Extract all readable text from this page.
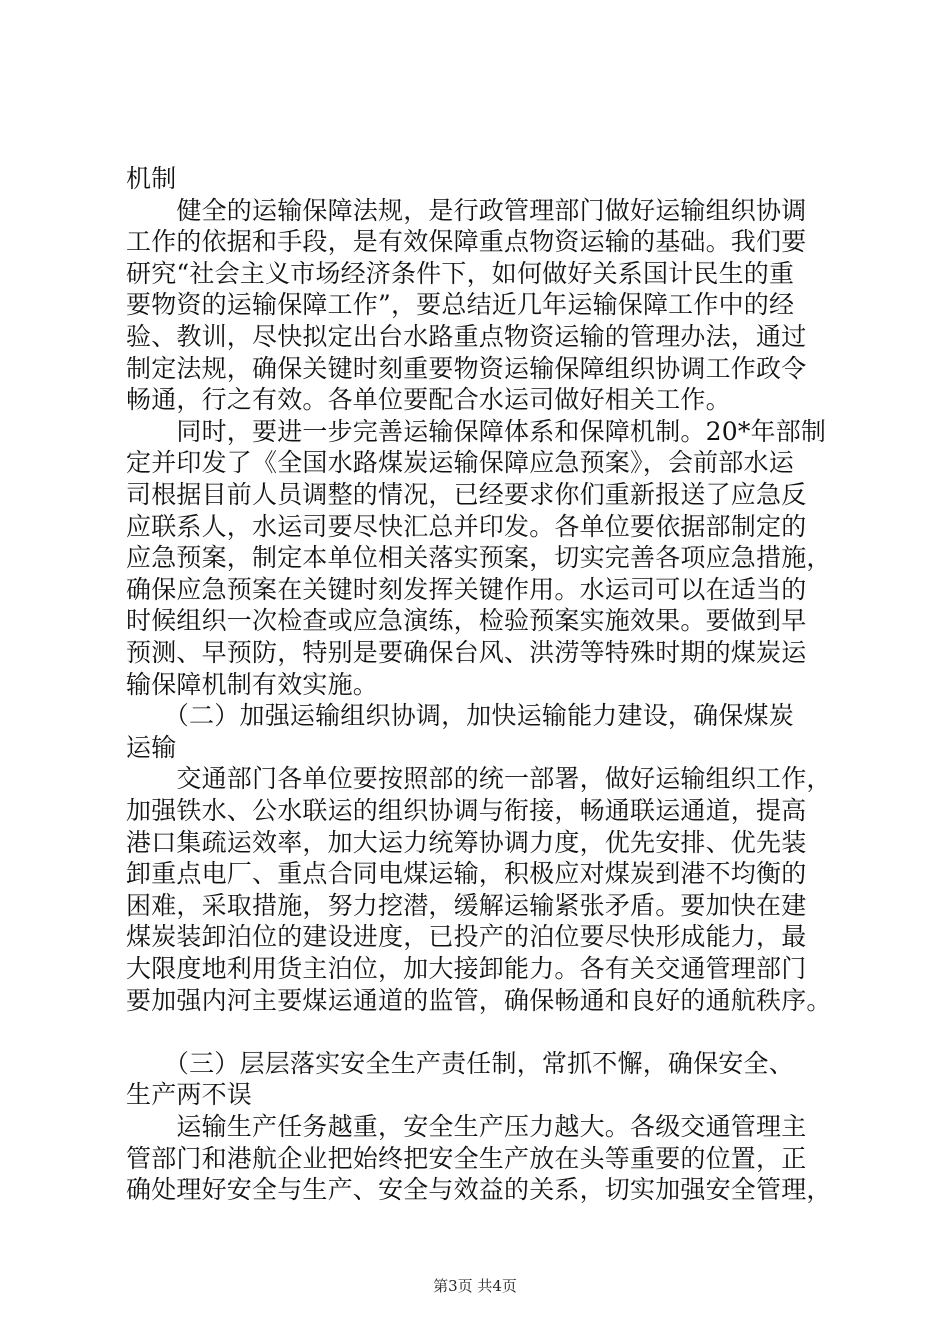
机制

　　健全的运输保障法规，是行政管理部门做好运输组织协调

工作的依据和手段，是有效保障重点物资运输的基础。我们要

研究“社会主义市场经济条件下，如何做好关系国计民生的重

要物资的运输保障工作”，要总结近几年运输保障工作中的经

验、教训，尽快拟定出台水路重点物资运输的管理办法，通过

制定法规，确保关键时刻重要物资运输保障组织协调工作政令

畅通，行之有效。各单位要配合水运司做好相关工作。

　　同时，要进一步完善运输保障体系和保障机制。20*年部制

定并印发了《全国水路煤炭运输保障应急预案》，会前部水运

司根据目前人员调整的情况，已经要求你们重新报送了应急反

应联系人，水运司要尽快汇总并印发。各单位要依据部制定的

应急预案，制定本单位相关落实预案，切实完善各项应急措施，

确保应急预案在关键时刻发挥关键作用。水运司可以在适当的

时候组织一次检查或应急演练，检验预案实施效果。要做到早

预测、早预防，特别是要确保台风、洪涝等特殊时期的煤炭运

输保障机制有效实施。

　　（二）加强运输组织协调，加快运输能力建设，确保煤炭

运输

　　交通部门各单位要按照部的统一部署，做好运输组织工作，

加强铁水、公水联运的组织协调与衔接，畅通联运通道，提高

港口集疏运效率，加大运力统筹协调力度，优先安排、优先装

卸重点电厂、重点合同电煤运输，积极应对煤炭到港不均衡的

困难，采取措施，努力挖潜，缓解运输紧张矛盾。要加快在建

煤炭装卸泊位的建设进度，已投产的泊位要尽快形成能力，最

大限度地利用货主泊位，加大接卸能力。各有关交通管理部门

要加强内河主要煤运通道的监管，确保畅通和良好的通航秩序。

　　（三）层层落实安全生产责任制，常抓不懈，确保安全、

生产两不误

　　运输生产任务越重，安全生产压力越大。各级交通管理主

管部门和港航企业把始终把安全生产放在头等重要的位置，正

确处理好安全与生产、安全与效益的关系，切实加强安全管理，

第3页 共4页
